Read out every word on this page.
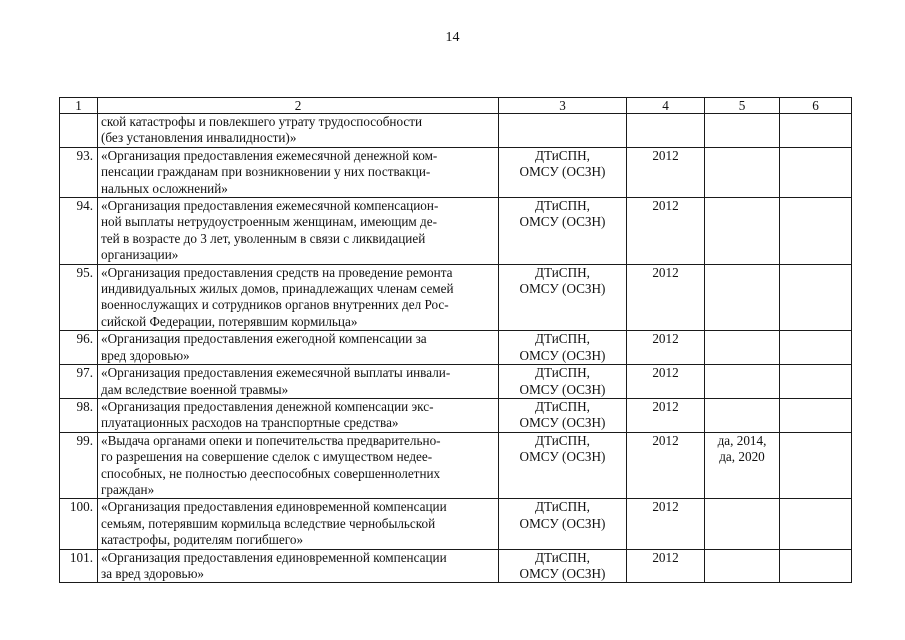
14
1	2	3	4	5	6

	ской катастрофы и повлекшего утрату трудоспособности
(без установления инвалидности)»				

93.	«Организация предоставления ежемесячной денежной ком-
пенсации гражданам при возникновении у них поствакци-
нальных осложнений»	ДТиСПН,
ОМСУ (ОСЗН)	2012		
94.	«Организация предоставления ежемесячной компенсацион-
ной выплаты нетрудоустроенным женщинам, имеющим де-
тей в возрасте до 3 лет, уволенным в связи с ликвидацией
организации»	ДТиСПН,
ОМСУ (ОСЗН)	2012		
95.	«Организация предоставления средств на проведение ремонта
индивидуальных жилых домов, принадлежащих членам семей
военнослужащих и сотрудников органов внутренних дел Рос-
сийской Федерации, потерявшим кормильца»	ДТиСПН,
ОМСУ (ОСЗН)	2012		
96.	«Организация предоставления ежегодной компенсации за
вред здоровью»	ДТиСПН,
ОМСУ (ОСЗН)	2012		
97.	«Организация предоставления ежемесячной выплаты инвали-
дам вследствие военной травмы»	ДТиСПН,
ОМСУ (ОСЗН)	2012		
98.	«Организация предоставления денежной компенсации экс-
плуатационных расходов на транспортные средства»	ДТиСПН,
ОМСУ (ОСЗН)	2012		
99.	«Выдача органами опеки и попечительства предварительно-
го разрешения на совершение сделок с имуществом недее-
способных, не полностью дееспособных совершеннолетних
граждан»	ДТиСПН,
ОМСУ (ОСЗН)	2012	да, 2014,
да, 2020	

100.	«Организация предоставления единовременной компенсации
семьям, потерявшим кормильца вследствие чернобыльской
катастрофы, родителям погибшего»	ДТиСПН,
ОМСУ (ОСЗН)	2012		
101.	«Организация предоставления единовременной компенсации
за вред здоровью»	ДТиСПН,
ОМСУ (ОСЗН)	2012		
